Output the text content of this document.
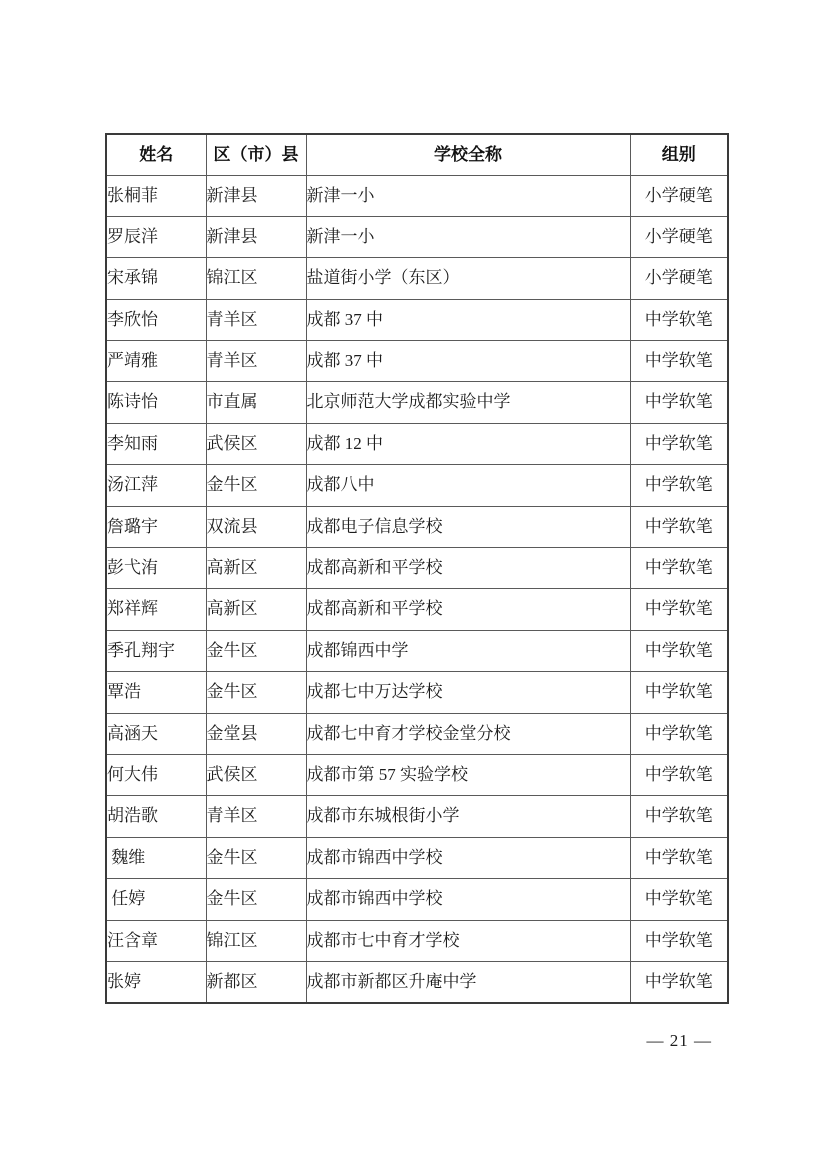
姓名	区（市）县	学校全称	组别
张桐菲	新津县	新津一小	小学硬笔
罗辰洋	新津县	新津一小	小学硬笔
宋承锦	锦江区	盐道街小学（东区）	小学硬笔
李欣怡	青羊区	成都 37 中	中学软笔
严靖雅	青羊区	成都 37 中	中学软笔
陈诗怡	市直属	北京师范大学成都实验中学	中学软笔
李知雨	武侯区	成都 12 中	中学软笔
汤江萍	金牛区	成都八中	中学软笔
詹璐宇	双流县	成都电子信息学校	中学软笔
彭弋洧	高新区	成都高新和平学校	中学软笔
郑祥辉	高新区	成都高新和平学校	中学软笔
季孔翔宇	金牛区	成都锦西中学	中学软笔
覃浩	金牛区	成都七中万达学校	中学软笔
高涵天	金堂县	成都七中育才学校金堂分校	中学软笔
何大伟	武侯区	成都市第 57 实验学校	中学软笔
胡浩歌	青羊区	成都市东城根街小学	中学软笔
魏维	金牛区	成都市锦西中学校	中学软笔
任婷	金牛区	成都市锦西中学校	中学软笔
汪含章	锦江区	成都市七中育才学校	中学软笔
张婷	新都区	成都市新都区升庵中学	中学软笔
— 21 —
